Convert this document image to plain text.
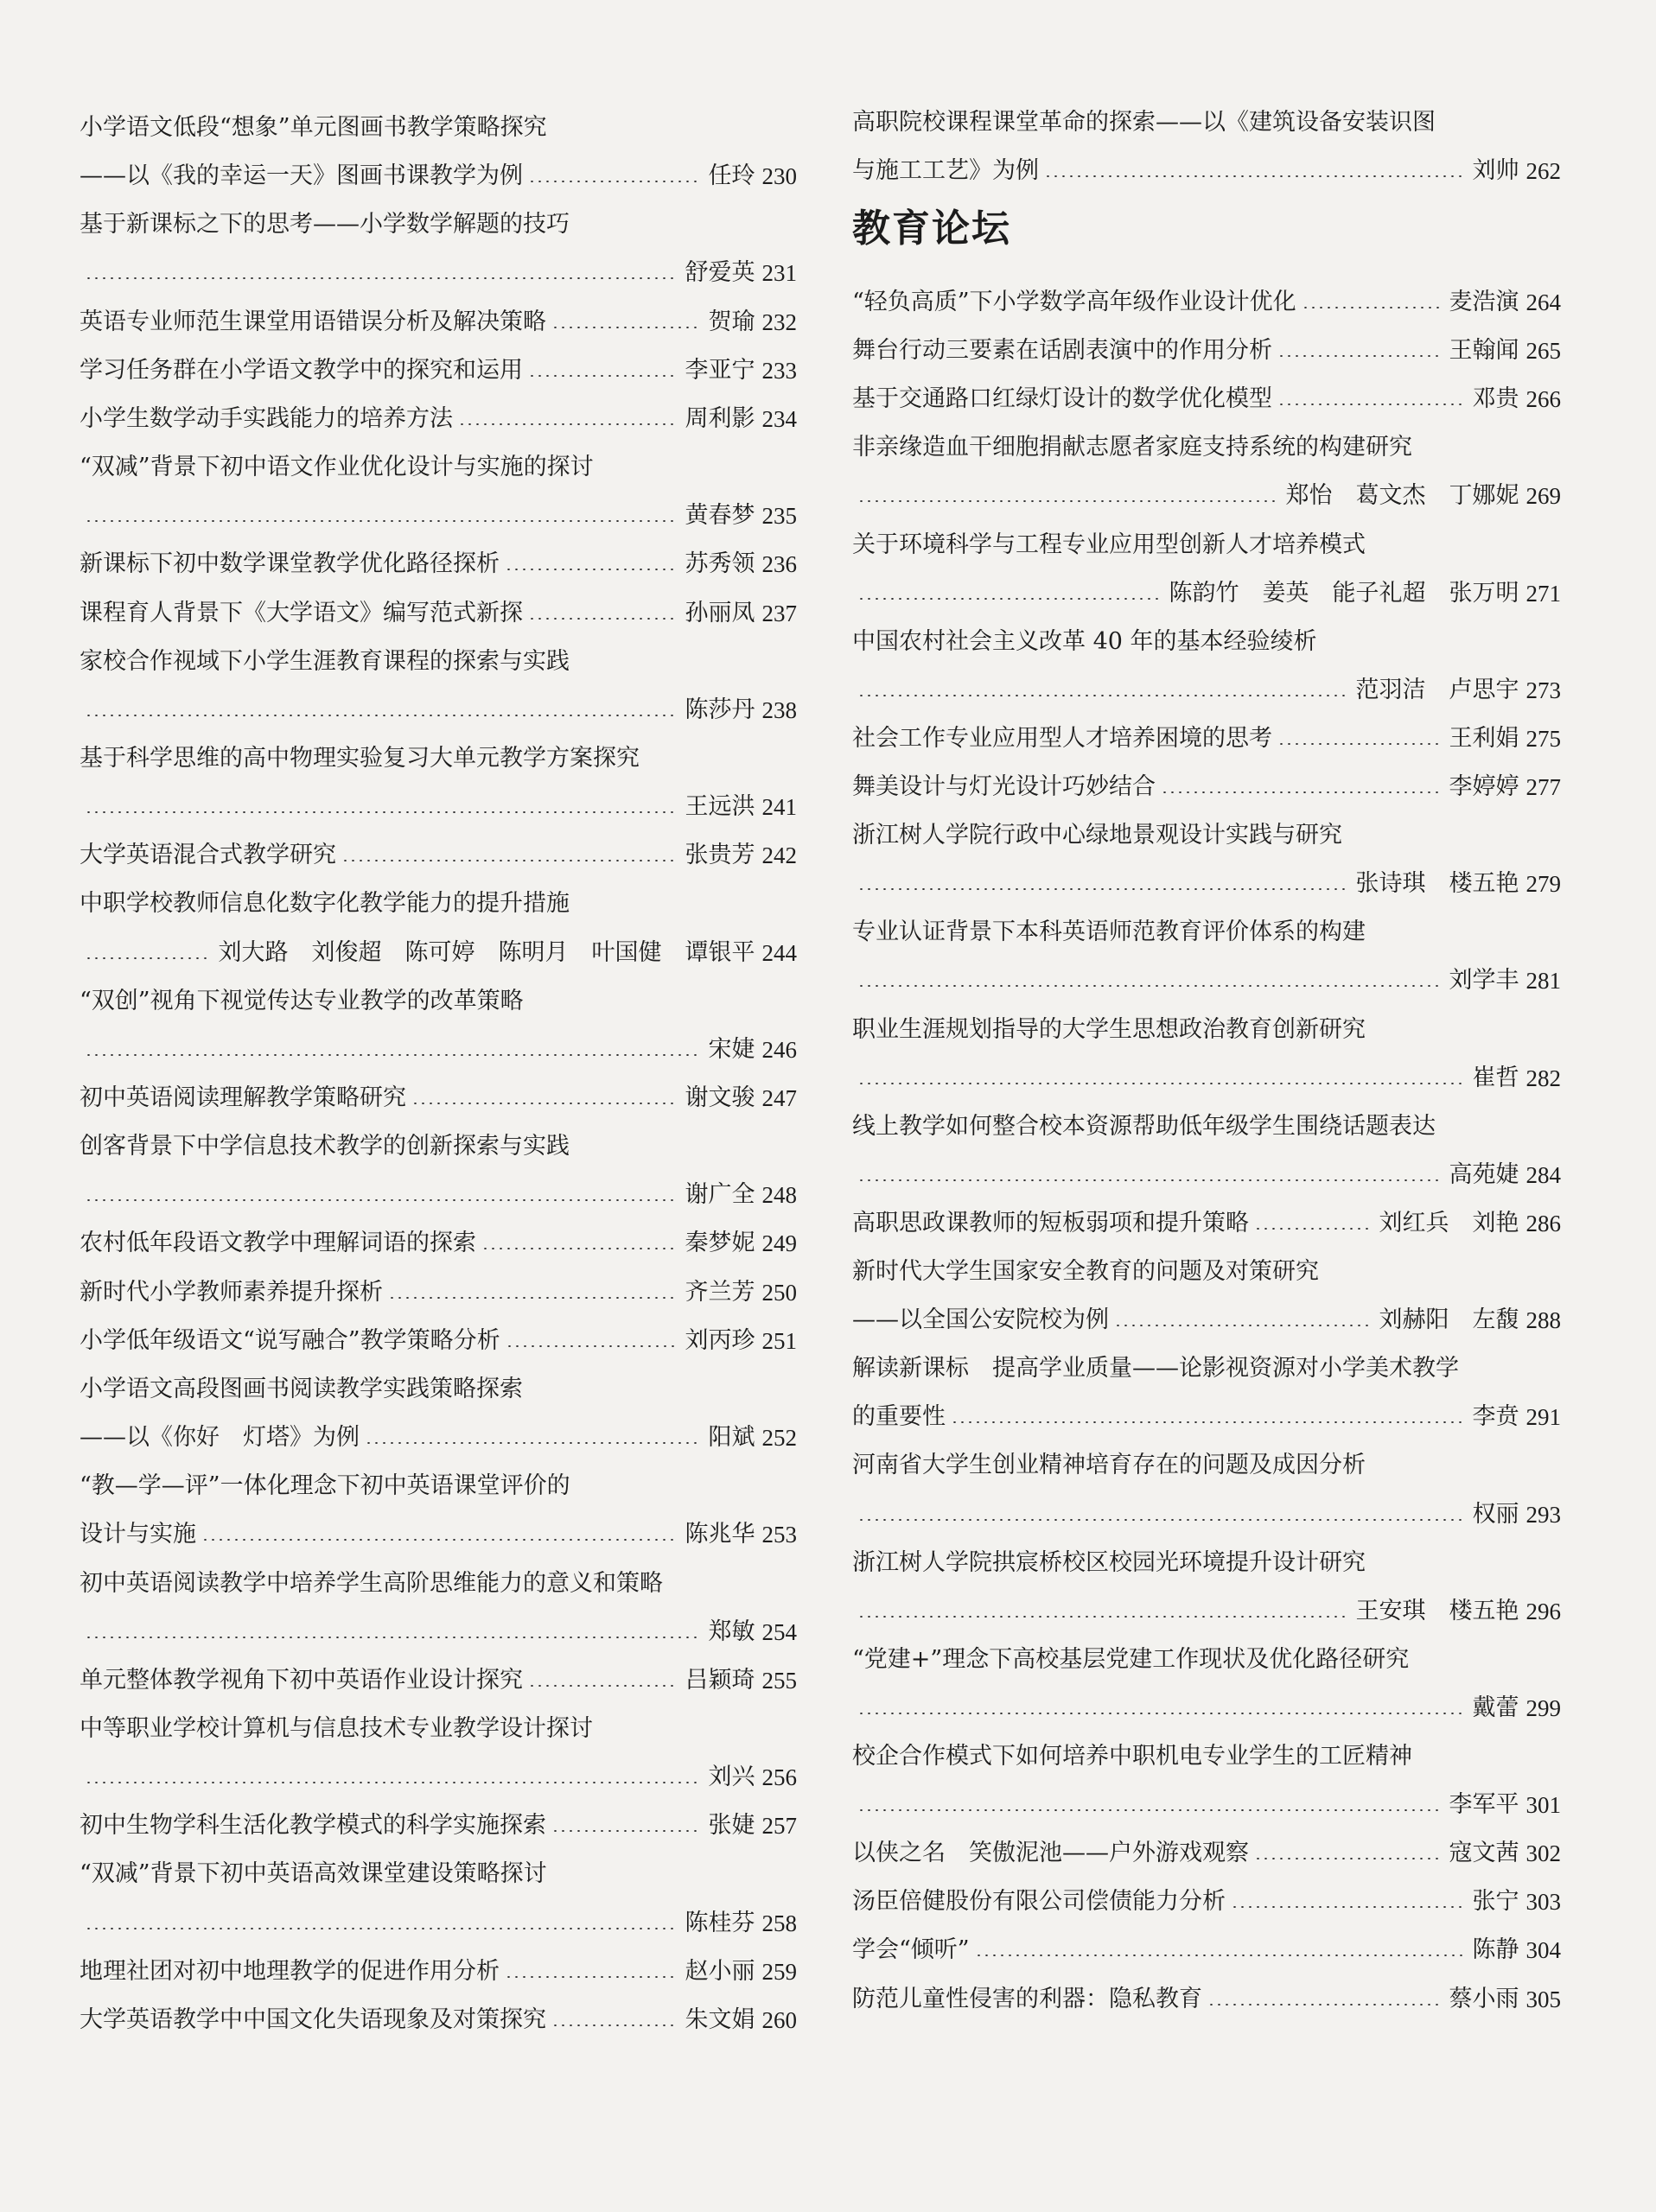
小学语文低段“想象”单元图画书教学策略探究
——以《我的幸运一天》图画书课教学为例	任玲 230
基于新课标之下的思考——小学数学解题的技巧
舒爱英 231
英语专业师范生课堂用语错误分析及解决策略	贺瑜 232
学习任务群在小学语文教学中的探究和运用	李亚宁 233
小学生数学动手实践能力的培养方法	周利影 234
“双减”背景下初中语文作业优化设计与实施的探讨
黄春梦 235
新课标下初中数学课堂教学优化路径探析	苏秀领 236
课程育人背景下《大学语文》编写范式新探	孙丽凤 237
家校合作视域下小学生涯教育课程的探索与实践
陈莎丹 238
基于科学思维的高中物理实验复习大单元教学方案探究
王远洪 241
大学英语混合式教学研究	张贵芳 242
中职学校教师信息化数字化教学能力的提升措施
刘大路　刘俊超　陈可婷　陈明月　叶国健　谭银平 244
“双创”视角下视觉传达专业教学的改革策略
宋婕 246
初中英语阅读理解教学策略研究	谢文骏 247
创客背景下中学信息技术教学的创新探索与实践
谢广全 248
农村低年段语文教学中理解词语的探索	秦梦妮 249
新时代小学教师素养提升探析	齐兰芳 250
小学低年级语文“说写融合”教学策略分析	刘丙珍 251
小学语文高段图画书阅读教学实践策略探索
——以《你好　灯塔》为例	阳斌 252
“教—学—评”一体化理念下初中英语课堂评价的
设计与实施	陈兆华 253
初中英语阅读教学中培养学生高阶思维能力的意义和策略
郑敏 254
单元整体教学视角下初中英语作业设计探究	吕颖琦 255
中等职业学校计算机与信息技术专业教学设计探讨
刘兴 256
初中生物学科生活化教学模式的科学实施探索	张婕 257
“双减”背景下初中英语高效课堂建设策略探讨
陈桂芬 258
地理社团对初中地理教学的促进作用分析	赵小丽 259
大学英语教学中中国文化失语现象及对策探究	朱文娟 260
教育论坛
高职院校课程课堂革命的探索——以《建筑设备安装识图
与施工工艺》为例	刘帅 262
“轻负高质”下小学数学高年级作业设计优化	麦浩演 264
舞台行动三要素在话剧表演中的作用分析	王翰闻 265
基于交通路口红绿灯设计的数学优化模型	邓贵 266
非亲缘造血干细胞捐献志愿者家庭支持系统的构建研究
郑怡　葛文杰　丁娜妮 269
关于环境科学与工程专业应用型创新人才培养模式
陈韵竹　姜英　能子礼超　张万明 271
中国农村社会主义改革 40 年的基本经验绫析
范羽洁　卢思宇 273
社会工作专业应用型人才培养困境的思考	王利娟 275
舞美设计与灯光设计巧妙结合	李婷婷 277
浙江树人学院行政中心绿地景观设计实践与研究
张诗琪　楼五艳 279
专业认证背景下本科英语师范教育评价体系的构建
刘学丰 281
职业生涯规划指导的大学生思想政治教育创新研究
崔哲 282
线上教学如何整合校本资源帮助低年级学生围绕话题表达
高苑婕 284
高职思政课教师的短板弱项和提升策略	刘红兵　刘艳 286
新时代大学生国家安全教育的问题及对策研究
——以全国公安院校为例	刘赫阳　左馥 288
解读新课标　提高学业质量——论影视资源对小学美术教学
的重要性	李贲 291
河南省大学生创业精神培育存在的问题及成因分析
权丽 293
浙江树人学院拱宸桥校区校园光环境提升设计研究
王安琪　楼五艳 296
“党建+”理念下高校基层党建工作现状及优化路径研究
戴蕾 299
校企合作模式下如何培养中职机电专业学生的工匠精神
李军平 301
以侠之名　笑傲泥池——户外游戏观察	寇文茜 302
汤臣倍健股份有限公司偿债能力分析	张宁 303
学会“倾听”	陈静 304
防范儿童性侵害的利器：隐私教育	蔡小雨 305
